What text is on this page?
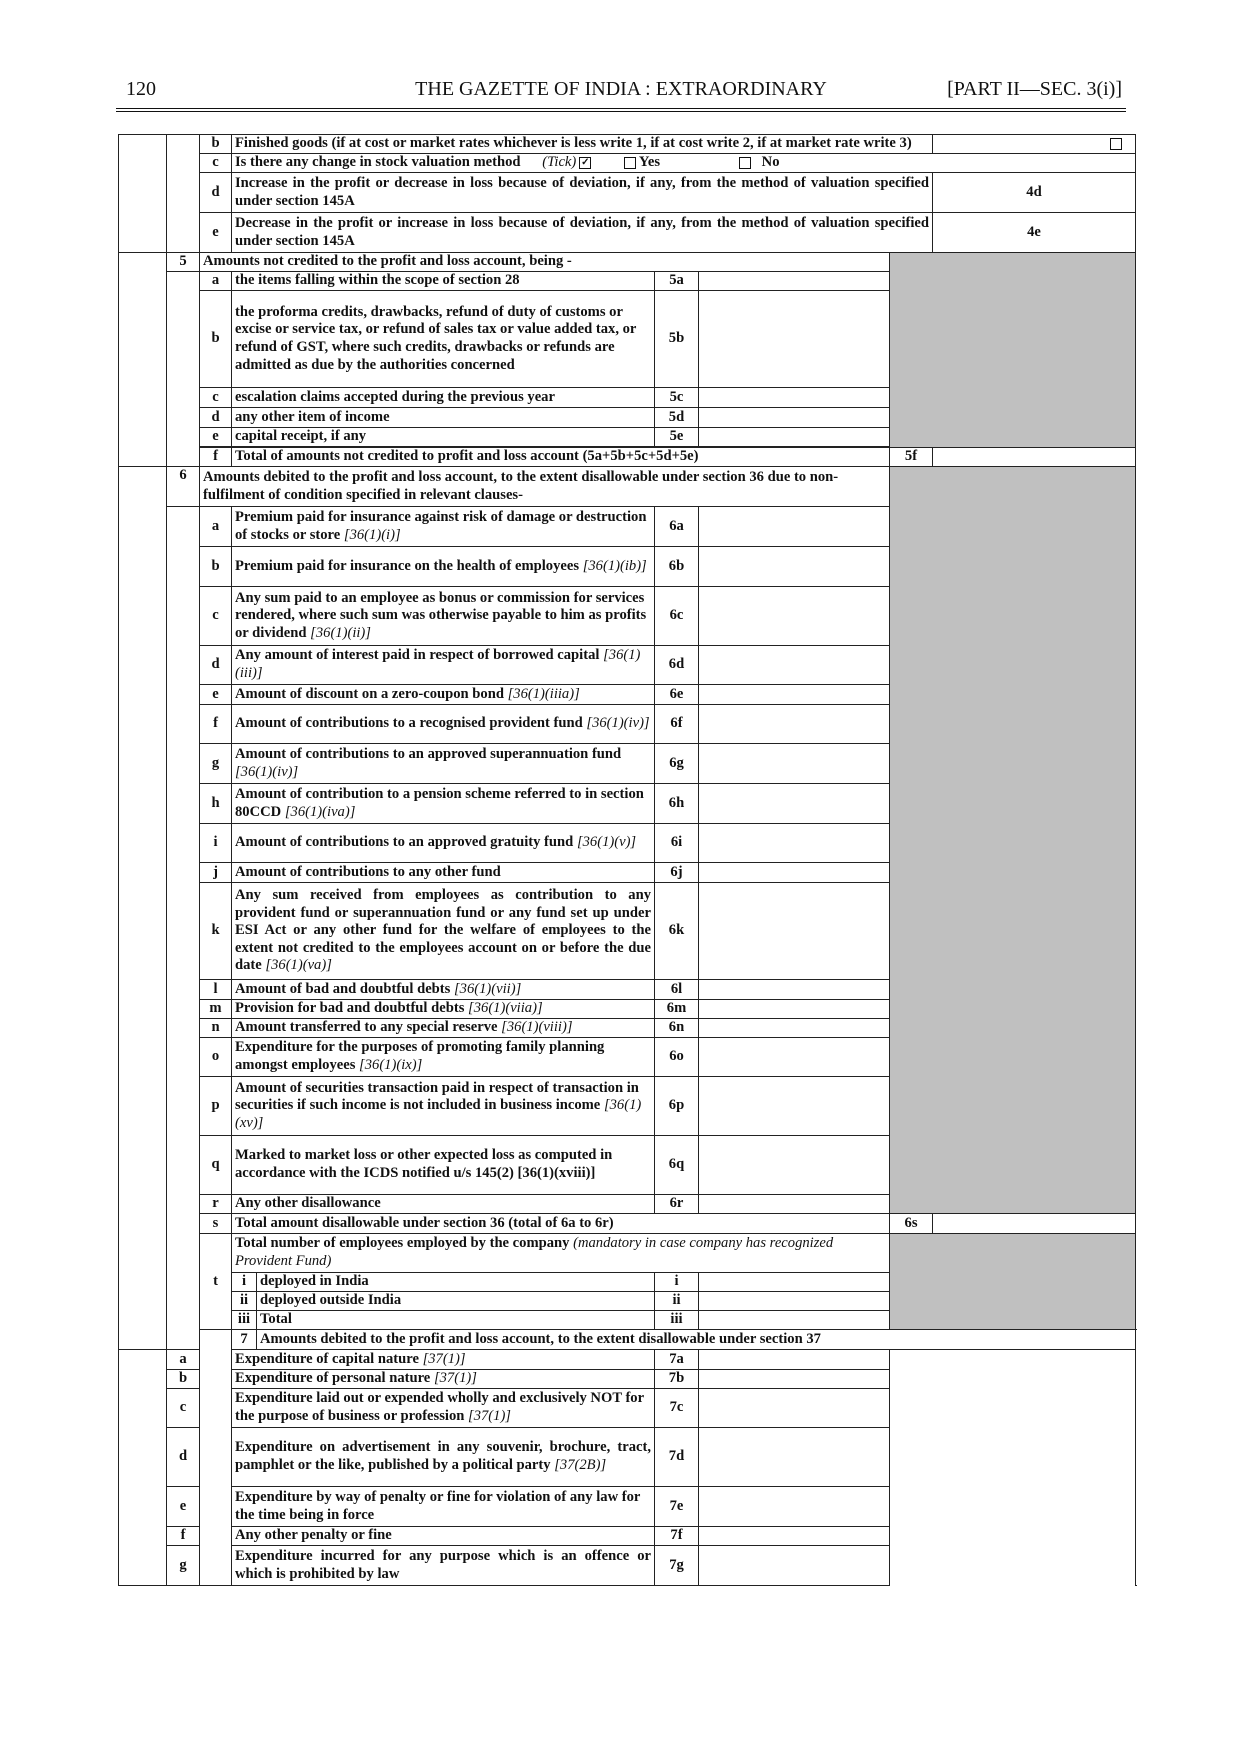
120	THE GAZETTE OF INDIA : EXTRAORDINARY	[PART II—SEC. 3(i)]
		b	Finished goods (if at cost or market rates whichever is less write 1, if at cost write 2, if at market rate write 3)						
		c	Is there any change in stock valuation method (Tick) ✓ Yes No						
		d	Increase in the profit or decrease in loss because of deviation, if any, from the method of valuation specified under section 145A					4d	
		e	Decrease in the profit or increase in loss because of deviation, if any, from the method of valuation specified under section 145A					4e	
	5	Amounts not credited to the profit and loss account, being -							
		a	the items falling within the scope of section 28		5a				
		b	the proforma credits, drawbacks, refund of duty of customs or excise or service tax, or refund of sales tax or value added tax, or refund of GST, where such credits, drawbacks or refunds are admitted as due by the authorities concerned		5b				
		c	escalation claims accepted during the previous year		5c				
		d	any other item of income		5d				
		e	capital receipt, if any		5e				

		f	Total of amounts not credited to profit and loss account (5a+5b+5c+5d+5e)				5f		
	6	Amounts debited to the profit and loss account, to the extent disallowable under section 36 due to non-fulfilment of condition specified in relevant clauses-							
		a	Premium paid for insurance against risk of damage or destruction of stocks or store [36(1)(i)]		6a				
		b	Premium paid for insurance on the health of employees [36(1)(ib)]		6b				
		c	Any sum paid to an employee as bonus or commission for services rendered, where such sum was otherwise payable to him as profits or dividend [36(1)(ii)]		6c				
		d	Any amount of interest paid in respect of borrowed capital [36(1)(iii)]		6d				
		e	Amount of discount on a zero-coupon bond [36(1)(iiia)]		6e				
		f	Amount of contributions to a recognised provident fund [36(1)(iv)]		6f				
		g	Amount of contributions to an approved superannuation fund [36(1)(iv)]		6g				
		h	Amount of contribution to a pension scheme referred to in section 80CCD [36(1)(iva)]		6h				
		i	Amount of contributions to an approved gratuity fund [36(1)(v)]		6i				
		j	Amount of contributions to any other fund		6j				
		k	Any sum received from employees as contribution to any provident fund or superannuation fund or any fund set up under ESI Act or any other fund for the welfare of employees to the extent not credited to the employees account on or before the due date [36(1)(va)]		6k				
		l	Amount of bad and doubtful debts [36(1)(vii)]		6l				
		m	Provision for bad and doubtful debts [36(1)(viia)]		6m				
		n	Amount transferred to any special reserve [36(1)(viii)]		6n				
		o	Expenditure for the purposes of promoting family planning amongst employees [36(1)(ix)]		6o				
		p	Amount of securities transaction paid in respect of transaction in securities if such income is not included in business income [36(1)(xv)]		6p				
		q	Marked to market loss or other expected loss as computed in accordance with the ICDS notified u/s 145(2) [36(1)(xviii)]		6q				
		r	Any other disallowance		6r				
		s	Total amount disallowable under section 36 (total of 6a to 6r)				6s		
		t	Total number of employees employed by the company (mandatory in case company has recognized Provident Fund)						
			i	deployed in India	i				
			ii	deployed outside India	ii				
			iii	Total	iii				
			7	Amounts debited to the profit and loss account, to the extent disallowable under section 37					
	a		Expenditure of capital nature [37(1)]		7a				
	b		Expenditure of personal nature [37(1)]		7b				
	c		Expenditure laid out or expended wholly and exclusively NOT for the purpose of business or profession [37(1)]		7c				
	d		Expenditure on advertisement in any souvenir, brochure, tract, pamphlet or the like, published by a political party [37(2B)]		7d				
	e		Expenditure by way of penalty or fine for violation of any law for the time being in force		7e				
	f		Any other penalty or fine		7f				
	g		Expenditure incurred for any purpose which is an offence or which is prohibited by law		7g				
